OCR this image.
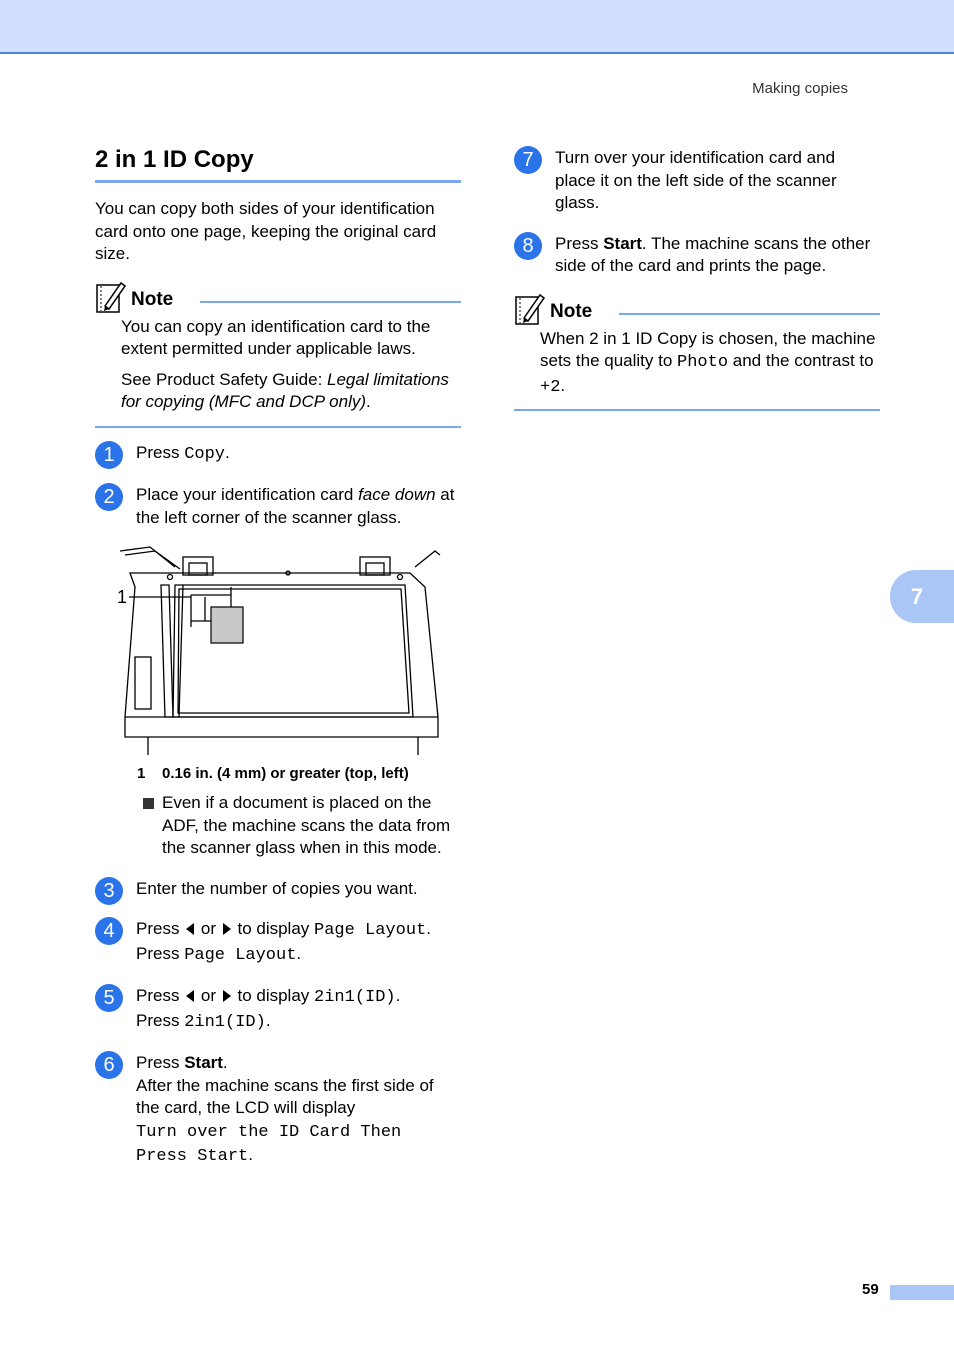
Making copies
7
59
2 in 1 ID Copy

You can copy both sides of your identification card onto one page, keeping the original card size.

Note

You can copy an identification card to the extent permitted under applicable laws.

See Product Safety Guide: Legal limitations for copying (MFC and DCP only).

1	Press Copy.

2	Place your identification card face down at the left corner of the scanner glass.

1
1 0.16 in. (4 mm) or greater (top, left)
Even if a document is placed on the ADF, the machine scans the data from the scanner glass when in this mode.
3	Enter the number of copies you want.

4	Press  or  to display Page Layout.
Press Page Layout.

5	Press  or  to display 2in1(ID).
Press 2in1(ID).

6	Press Start.
After the machine scans the first side of the card, the LCD will display
Turn over the ID Card Then Press Start.

7	Turn over your identification card and place it on the left side of the scanner glass.

8	Press Start. The machine scans the other side of the card and prints the page.

Note

When 2 in 1 ID Copy is chosen, the machine sets the quality to Photo and the contrast to +2.
